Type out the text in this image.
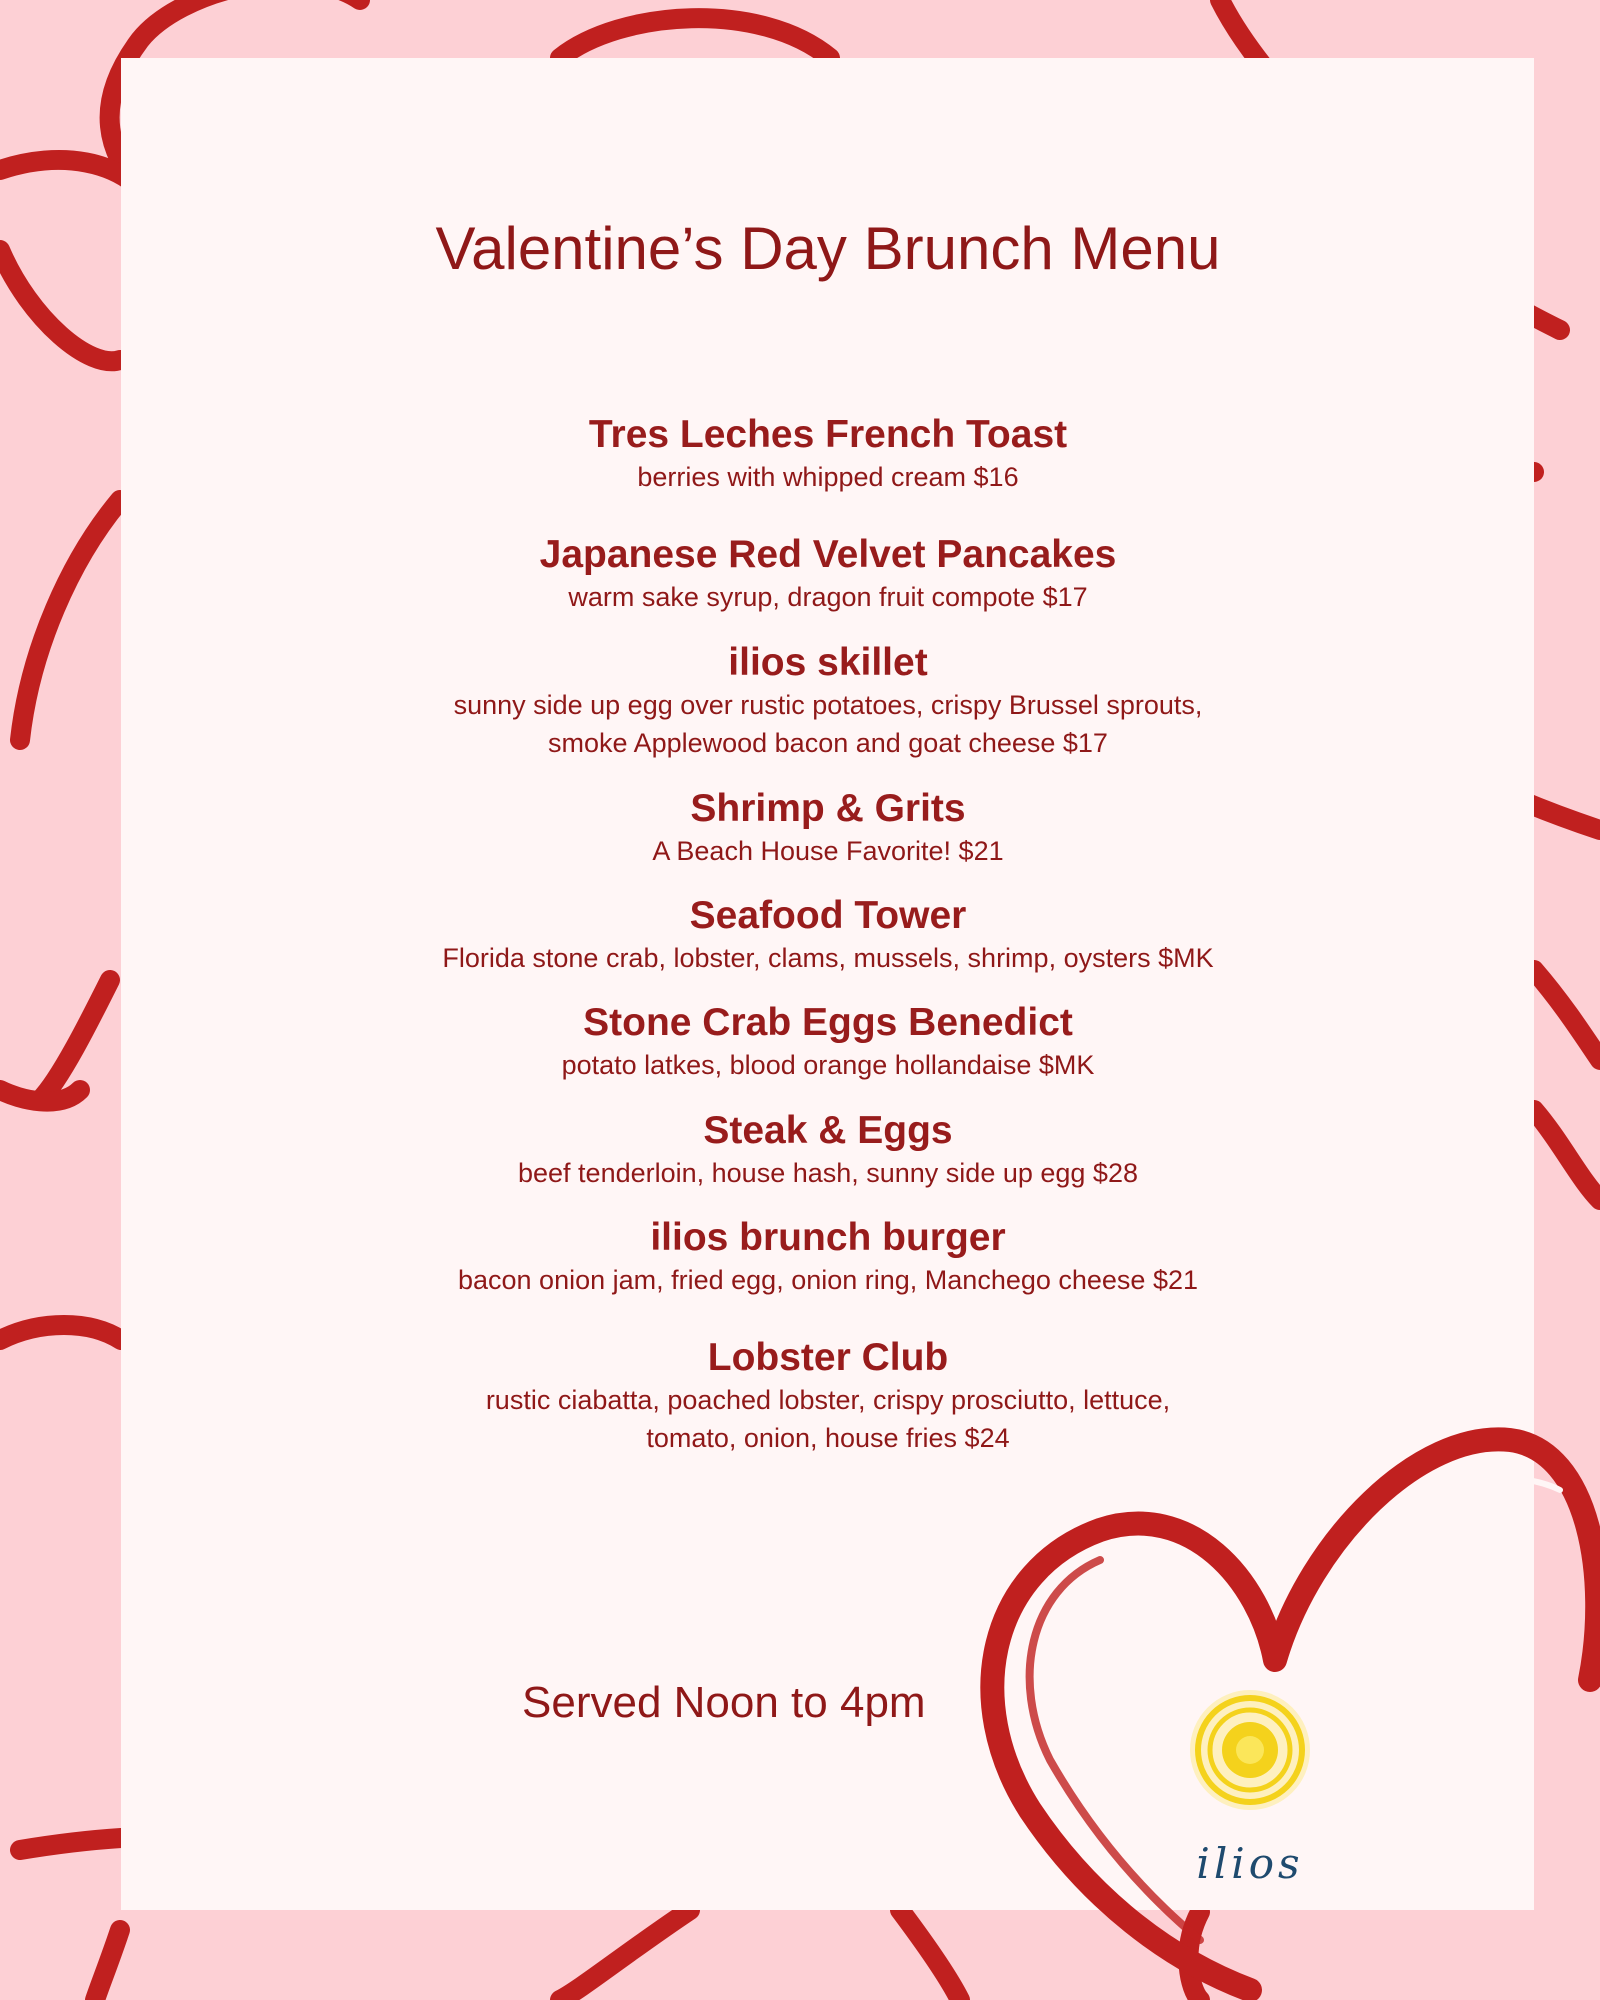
Valentine’s Day Brunch Menu
Tres Leches French Toast
berries with whipped cream $16
Japanese Red Velvet Pancakes
warm sake syrup, dragon fruit compote $17
ilios skillet
sunny side up egg over rustic potatoes, crispy Brussel sprouts,
smoke Applewood bacon and goat cheese $17
Shrimp & Grits
A Beach House Favorite! $21
Seafood Tower
Florida stone crab, lobster, clams, mussels, shrimp, oysters $MK
Stone Crab Eggs Benedict
potato latkes, blood orange hollandaise $MK
Steak & Eggs
beef tenderloin, house hash, sunny side up egg $28
ilios brunch burger
bacon onion jam, fried egg, onion ring, Manchego cheese $21
Lobster Club
rustic ciabatta, poached lobster, crispy prosciutto, lettuce,
tomato, onion, house fries $24
Served Noon to 4pm
ilios
